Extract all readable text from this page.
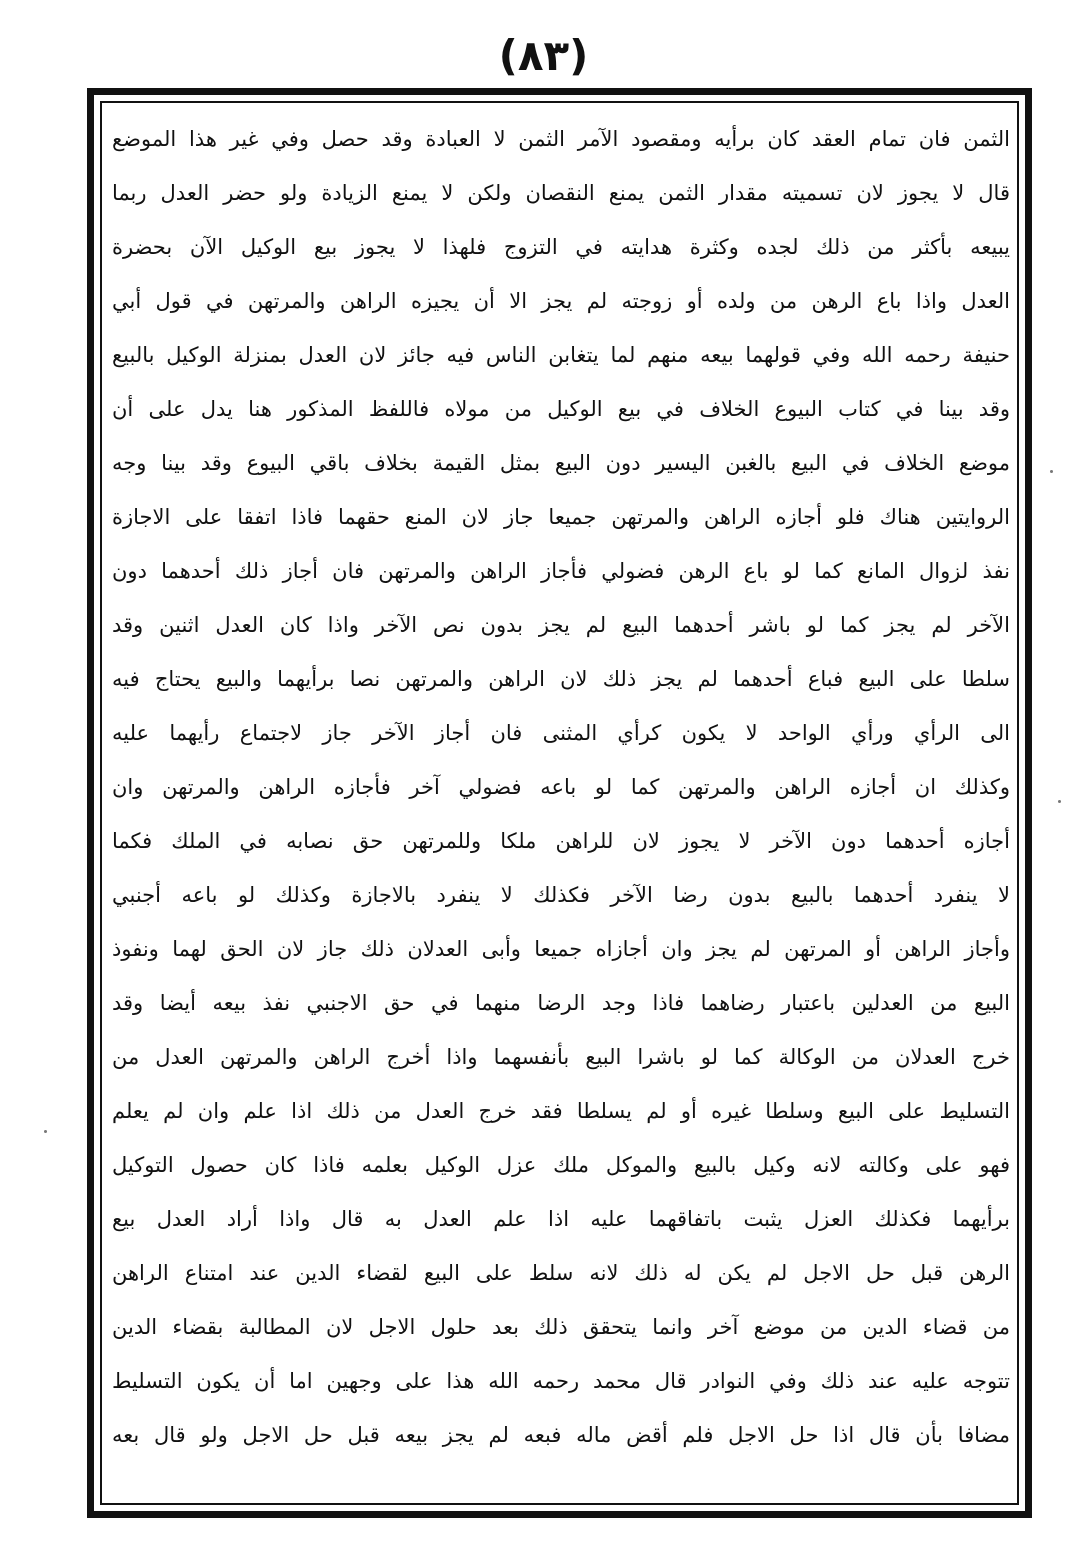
(۸۳)
الثمن فان تمام العقد كان برأيه ومقصود الآمر الثمن لا العبادة وقد حصل وفي غير هذا الموضع
قال لا يجوز لان تسميته مقدار الثمن يمنع النقصان ولكن لا يمنع الزيادة ولو حضر العدل ربما
يبيعه بأكثر من ذلك لجده وكثرة هدايته في التزوج فلهذا لا يجوز بيع الوكيل الآن بحضرة
العدل واذا باع الرهن من ولده أو زوجته لم يجز الا أن يجيزه الراهن والمرتهن في قول أبي
حنيفة رحمه الله وفي قولهما بيعه منهم لما يتغابن الناس فيه جائز لان العدل بمنزلة الوكيل بالبيع
وقد بينا في كتاب البيوع الخلاف في بيع الوكيل من مولاه فاللفظ المذكور هنا يدل على أن
موضع الخلاف في البيع بالغبن اليسير دون البيع بمثل القيمة بخلاف باقي البيوع وقد بينا وجه
الروايتين هناك فلو أجازه الراهن والمرتهن جميعا جاز لان المنع حقهما فاذا اتفقا على الاجازة
نفذ لزوال المانع كما لو باع الرهن فضولي فأجاز الراهن والمرتهن فان أجاز ذلك أحدهما دون
الآخر لم يجز كما لو باشر أحدهما البيع لم يجز بدون نص الآخر واذا كان العدل اثنين وقد
سلطا على البيع فباع أحدهما لم يجز ذلك لان الراهن والمرتهن نصا برأيهما والبيع يحتاج فيه
الى الرأي ورأي الواحد لا يكون كرأي المثنى فان أجاز الآخر جاز لاجتماع رأيهما عليه
وكذلك ان أجازه الراهن والمرتهن كما لو باعه فضولي آخر فأجازه الراهن والمرتهن وان
أجازه أحدهما دون الآخر لا يجوز لان للراهن ملكا وللمرتهن حق نصابه في الملك فكما
لا ينفرد أحدهما بالبيع بدون رضا الآخر فكذلك لا ينفرد بالاجازة وكذلك لو باعه أجنبي
وأجاز الراهن أو المرتهن لم يجز وان أجازاه جميعا وأبى العدلان ذلك جاز لان الحق لهما ونفوذ
البيع من العدلين باعتبار رضاهما فاذا وجد الرضا منهما في حق الاجنبي نفذ بيعه أيضا وقد
خرج العدلان من الوكالة كما لو باشرا البيع بأنفسهما واذا أخرج الراهن والمرتهن العدل من
التسليط على البيع وسلطا غيره أو لم يسلطا فقد خرج العدل من ذلك اذا علم وان لم يعلم
فهو على وكالته لانه وكيل بالبيع والموكل ملك عزل الوكيل بعلمه فاذا كان حصول التوكيل
برأيهما فكذلك العزل يثبت باتفاقهما عليه اذا علم العدل به قال واذا أراد العدل بيع
الرهن قبل حل الاجل لم يكن له ذلك لانه سلط على البيع لقضاء الدين عند امتناع الراهن
من قضاء الدين من موضع آخر وانما يتحقق ذلك بعد حلول الاجل لان المطالبة بقضاء الدين
تتوجه عليه عند ذلك وفي النوادر قال محمد رحمه الله هذا على وجهين اما أن يكون التسليط
مضافا بأن قال اذا حل الاجل فلم أقض ماله فبعه لم يجز بيعه قبل حل الاجل ولو قال بعه
